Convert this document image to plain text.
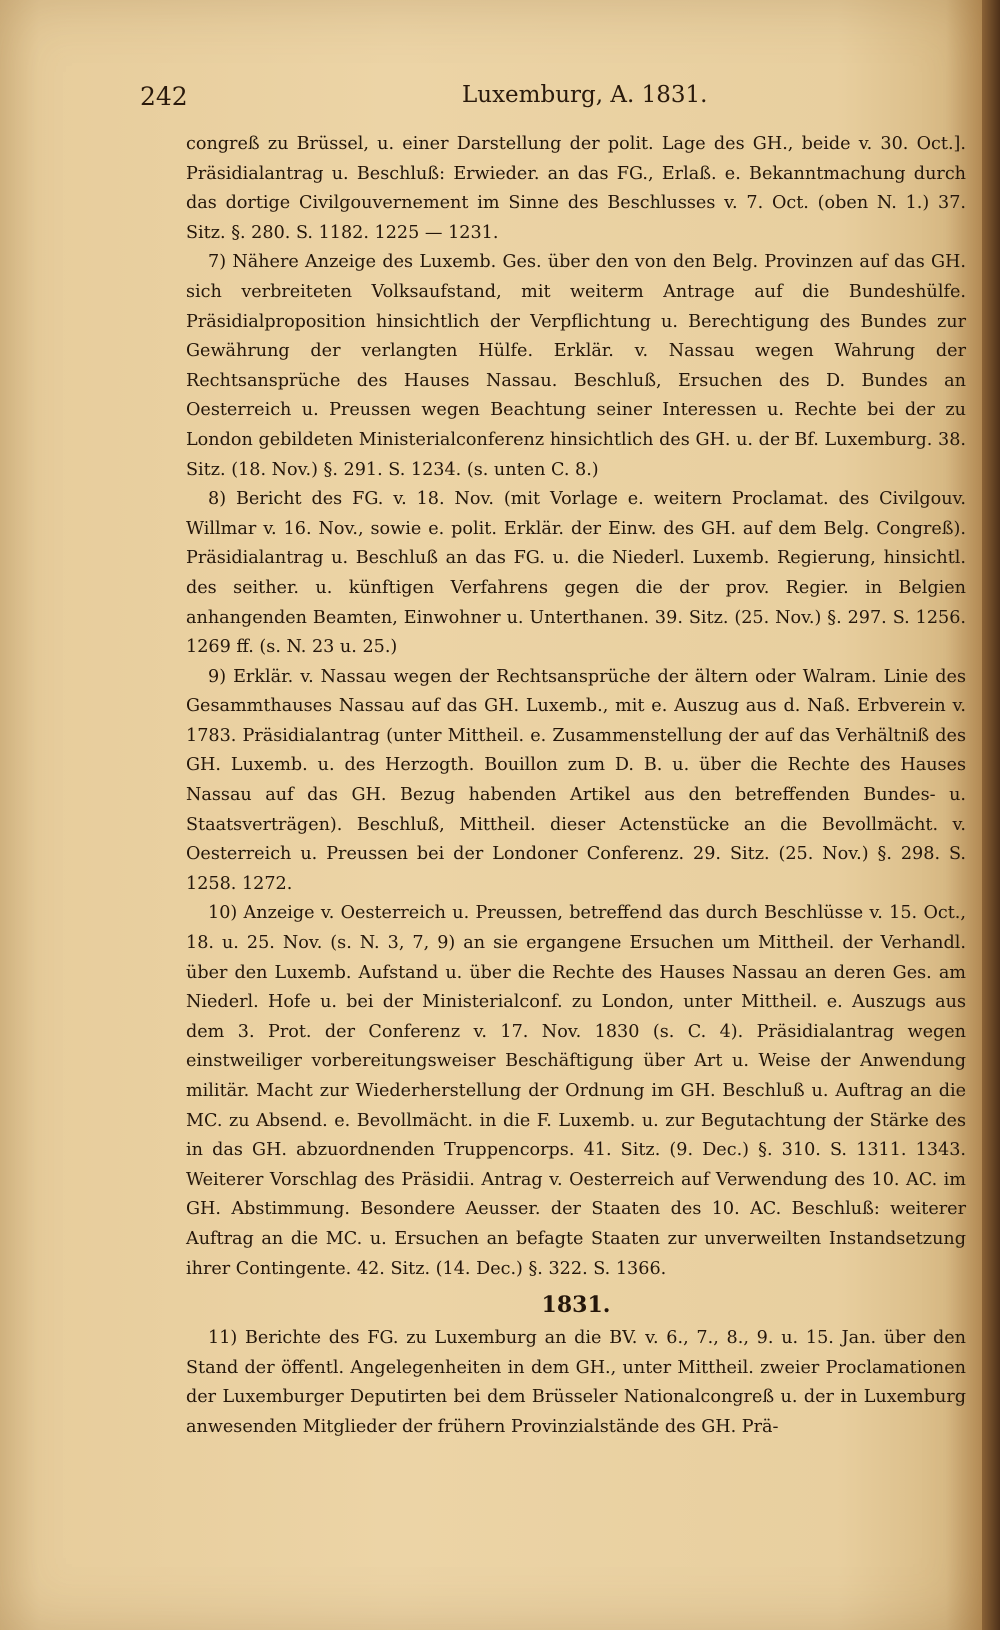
242	Luxemburg, A. 1831.

congreß zu Brüssel, u. einer Darstellung der polit. Lage des GH., beide v. 30. Oct.]. Präsidialantrag u. Beschluß: Erwieder. an das FG., Erlaß. e. Bekanntmachung durch das dortige Civilgouvernement im Sinne des Beschlusses v. 7. Oct. (oben N. 1.) 37. Sitz. §. 280. S. 1182. 1225 — 1231.

7) Nähere Anzeige des Luxemb. Ges. über den von den Belg. Provinzen auf das GH. sich verbreiteten Volksaufstand, mit weiterm Antrage auf die Bundeshülfe. Präsidialproposition hinsichtlich der Verpflichtung u. Berechtigung des Bundes zur Gewährung der verlangten Hülfe. Erklär. v. Nassau wegen Wahrung der Rechtsansprüche des Hauses Nassau. Beschluß, Ersuchen des D. Bundes an Oesterreich u. Preussen wegen Beachtung seiner Interessen u. Rechte bei der zu London gebildeten Ministerialconferenz hinsichtlich des GH. u. der Bf. Luxemburg. 38. Sitz. (18. Nov.) §. 291. S. 1234. (s. unten C. 8.)

8) Bericht des FG. v. 18. Nov. (mit Vorlage e. weitern Proclamat. des Civilgouv. Willmar v. 16. Nov., sowie e. polit. Erklär. der Einw. des GH. auf dem Belg. Congreß). Präsidialantrag u. Beschluß an das FG. u. die Niederl. Luxemb. Regierung, hinsichtl. des seither. u. künftigen Verfahrens gegen die der prov. Regier. in Belgien anhangenden Beamten, Einwohner u. Unterthanen. 39. Sitz. (25. Nov.) §. 297. S. 1256. 1269 ff. (s. N. 23 u. 25.)

9) Erklär. v. Nassau wegen der Rechtsansprüche der ältern oder Walram. Linie des Gesammthauses Nassau auf das GH. Luxemb., mit e. Auszug aus d. Naß. Erbverein v. 1783. Präsidialantrag (unter Mittheil. e. Zusammenstellung der auf das Verhältniß des GH. Luxemb. u. des Herzogth. Bouillon zum D. B. u. über die Rechte des Hauses Nassau auf das GH. Bezug habenden Artikel aus den betreffenden Bundes- u. Staatsverträgen). Beschluß, Mittheil. dieser Actenstücke an die Bevollmächt. v. Oesterreich u. Preussen bei der Londoner Conferenz. 29. Sitz. (25. Nov.) §. 298. S. 1258. 1272.

10) Anzeige v. Oesterreich u. Preussen, betreffend das durch Beschlüsse v. 15. Oct., 18. u. 25. Nov. (s. N. 3, 7, 9) an sie ergangene Ersuchen um Mittheil. der Verhandl. über den Luxemb. Aufstand u. über die Rechte des Hauses Nassau an deren Ges. am Niederl. Hofe u. bei der Ministerialconf. zu London, unter Mittheil. e. Auszugs aus dem 3. Prot. der Conferenz v. 17. Nov. 1830 (s. C. 4). Präsidialantrag wegen einstweiliger vorbereitungsweiser Beschäftigung über Art u. Weise der Anwendung militär. Macht zur Wiederherstellung der Ordnung im GH. Beschluß u. Auftrag an die MC. zu Absend. e. Bevollmächt. in die F. Luxemb. u. zur Begutachtung der Stärke des in das GH. abzuordnenden Truppencorps. 41. Sitz. (9. Dec.) §. 310. S. 1311. 1343. Weiterer Vorschlag des Präsidii. Antrag v. Oesterreich auf Verwendung des 10. AC. im GH. Abstimmung. Besondere Aeusser. der Staaten des 10. AC. Beschluß: weiterer Auftrag an die MC. u. Ersuchen an befagte Staaten zur unverweilten Instandsetzung ihrer Contingente. 42. Sitz. (14. Dec.) §. 322. S. 1366.

1831.

11) Berichte des FG. zu Luxemburg an die BV. v. 6., 7., 8., 9. u. 15. Jan. über den Stand der öffentl. Angelegenheiten in dem GH., unter Mittheil. zweier Proclamationen der Luxemburger Deputirten bei dem Brüsseler Nationalcongreß u. der in Luxemburg anwesenden Mitglieder der frühern Provinzialstände des GH. Prä-
